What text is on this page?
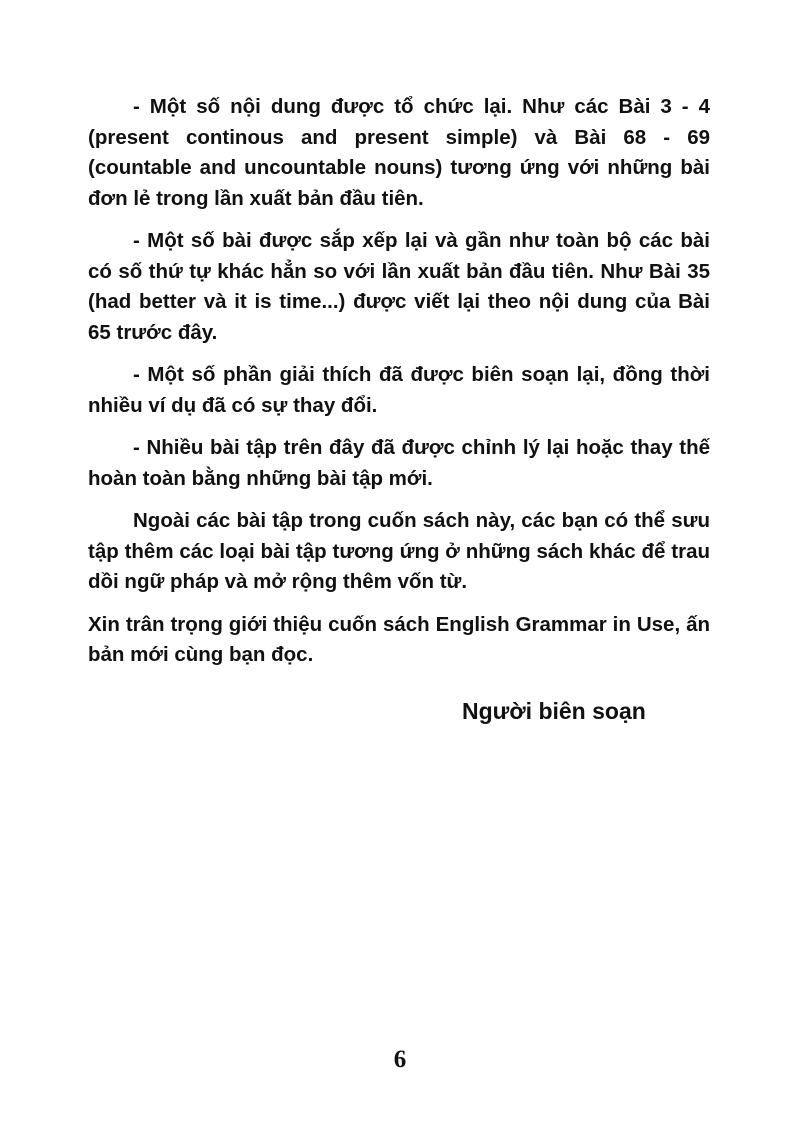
- Một số nội dung được tổ chức lại. Như các Bài 3 - 4 (present continous and present simple) và Bài 68 - 69 (countable and uncountable nouns) tương ứng với những bài đơn lẻ trong lần xuất bản đầu tiên.

- Một số bài được sắp xếp lại và gần như toàn bộ các bài có số thứ tự khác hẳn so với lần xuất bản đầu tiên. Như Bài 35 (had better và it is time...) được viết lại theo nội dung của Bài 65 trước đây.

- Một số phần giải thích đã được biên soạn lại, đồng thời nhiều ví dụ đã có sự thay đổi.

- Nhiều bài tập trên đây đã được chỉnh lý lại hoặc thay thế hoàn toàn bằng những bài tập mới.

Ngoài các bài tập trong cuốn sách này, các bạn có thể sưu tập thêm các loại bài tập tương ứng ở những sách khác để trau dồi ngữ pháp và mở rộng thêm vốn từ.

Xin trân trọng giới thiệu cuốn sách English Grammar in Use, ấn bản mới cùng bạn đọc.

Người biên soạn
6
